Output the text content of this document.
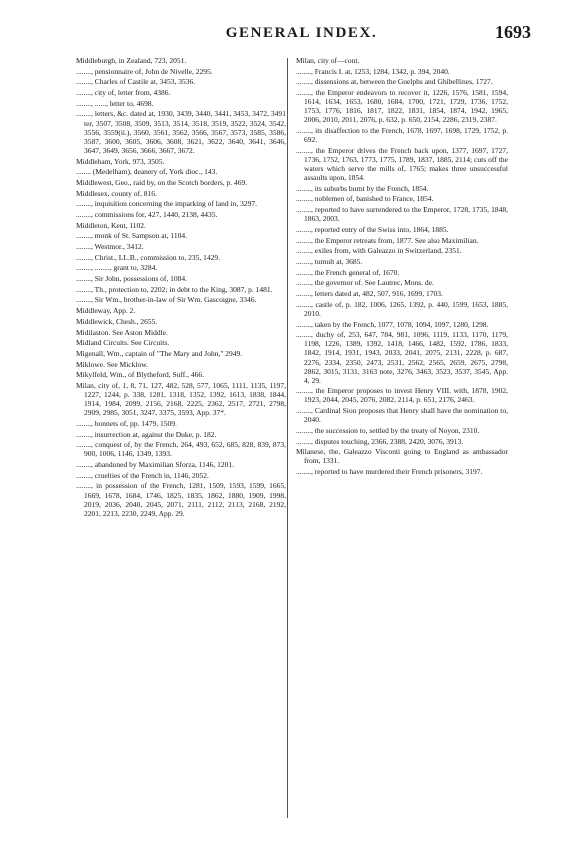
GENERAL INDEX.	1693

Middleburgh, in Zealand, 723, 2051.

........, pensionnaire of, John de Nivelle, 2295.

........, Charles of Castile at, 3453, 3536.

........, city of, letter from, 4386.

........, ......, letter to, 4698.

........, letters, &c. dated at, 1930, 3439, 3440, 3441, 3453, 3472, 3491 ter, 3507, 3508, 3509, 3513, 3514, 3518, 3519, 3522, 3524, 3542, 3556, 3559(ii.), 3560, 3561, 3562, 3566, 3567, 3573, 3585, 3586, 3587, 3600, 3605, 3606, 3608, 3621, 3622, 3640, 3641, 3646, 3647, 3649, 3656, 3666, 3667, 3672.

Middleham, York, 973, 3505.

........ (Medelham), deanery of, York dioc., 143.

Middlewest, Geo., raid by, on the Scotch borders, p. 469.

Middlesex, county of, 816.

........, inquisition concerning the imparking of land in, 3297.

........, commissions for, 427, 1440, 2138, 4435.

Middleton, Kent, 1102.

........, monk of St. Sampson at, 1104.

........, Westmor., 3412.

........, Christ., LL.B., commission to, 235, 1429.

........, ........, grant to, 3284.

........, Sir John, possessions of, 1084.

........, Th., protection to, 2202; in debt to the King, 3087, p. 1481.

........, Sir Wm., brother-in-law of Sir Wm. Gascoigne, 3346.

Middleway, App. 2.

Middlewick, Chesh., 2655.

Midilaston. See Aston Middle.

Midland Circuits. See Circuits.

Migenall, Wm., captain of "The Mary and John," 2949.

Miklowe. See Micklow.

Mikylfeld, Wm., of Blytheford, Suff., 466.

Milan, city of, 1, 8, 71, 127, 482, 528, 577, 1065, 1111, 1135, 1197, 1227, 1244, p. 338, 1281, 1318, 1352, 1392, 1613, 1838, 1844, 1914, 1984, 2099, 2156, 2168, 2225, 2362, 2517, 2721, 2798, 2909, 2985, 3051, 3247, 3375, 3593, App. 37*.

........, bonnets of, pp. 1479, 1509.

........, insurrection at, against the Duke, p. 182.

........, conquest of, by the French, 264, 493, 652, 685, 828, 839, 873, 900, 1006, 1146, 1349, 1393.

........, abandoned by Maximilian Sforza, 1146, 1201.

........, cruelties of the French in, 1146, 2052.

........, in possession of the French, 1281, 1509, 1593, 1599, 1665, 1669, 1678, 1684, 1746, 1825, 1835, 1862, 1880, 1909, 1998, 2019, 2036, 2040, 2045, 2071, 2111, 2112, 2113, 2168, 2192, 2201, 2213, 2230, 2249, App. 29.

Milan, city of—cont.

........, Francis I. at, 1253, 1284, 1342, p. 394, 2040.

........, dissensions at, between the Guelphs and Ghibellines, 1727.

........, the Emperor endeavors to recover it, 1226, 1576, 1581, 1594, 1614, 1634, 1653, 1680, 1684, 1700, 1721, 1729, 1736, 1752, 1753, 1776, 1816, 1817, 1822, 1831, 1854, 1874, 1942, 1965, 2006, 2010, 2011, 2076, p. 632, p. 650, 2154, 2286, 2319, 2387.

........, its disaffection to the French, 1678, 1697, 1698, 1729, 1752, p. 692.

........, the Emperor drives the French back upon, 1377, 1697, 1727, 1736, 1752, 1763, 1773, 1775, 1789, 1837, 1885, 2114; cuts off the waters which serve the mills of, 1765; makes three unsuccessful assaults upon, 1854.

........, its suburbs burnt by the French, 1854.

........, noblemen of, banished to France, 1854.

........, reported to have surrendered to the Emperor, 1728, 1735, 1848, 1863, 2003.

........, reported entry of the Swiss into, 1864, 1885.

........, the Emperor retreats from, 1877. See also Maximilian.

........, exiles from, with Galeazzo in Switzerland, 2351.

........, tumult at, 3685.

........, the French general of, 1670.

........, the governor of. See Lautrec, Mons. de.

........, letters dated at, 482, 507, 916, 1699, 1703.

........, castle of, p. 182, 1006, 1265, 1392, p. 440, 1599, 1653, 1885, 2010.

........, taken by the French, 1077, 1078, 1094, 1097, 1280, 1298.

........, duchy of, 253, 647, 784, 981, 1096, 1119, 1133, 1170, 1179, 1198, 1226, 1389, 1392, 1418, 1466, 1482, 1592, 1786, 1833, 1842, 1914, 1931, 1943, 2033, 2041, 2075, 2131, 2228, p. 687, 2276, 2334, 2350, 2473, 2531, 2562, 2565, 2659, 2675, 2798, 2862, 3015, 3131, 3163 note, 3276, 3463, 3523, 3537, 3545, App. 4, 29.

........, the Emperor proposes to invest Henry VIII. with, 1878, 1902, 1923, 2044, 2045, 2076, 2082, 2114, p. 651, 2176, 2463.

........, Cardinal Sion proposes that Henry shall have the nomination to, 2040.

........, the succession to, settled by the treaty of Noyon, 2310.

........, disputes touching, 2366, 2388, 2420, 3076, 3913.

Milanese, the, Galeazzo Visconti going to England as ambassador from, 1331.

........, reported to have murdered their French prisoners, 3197.
